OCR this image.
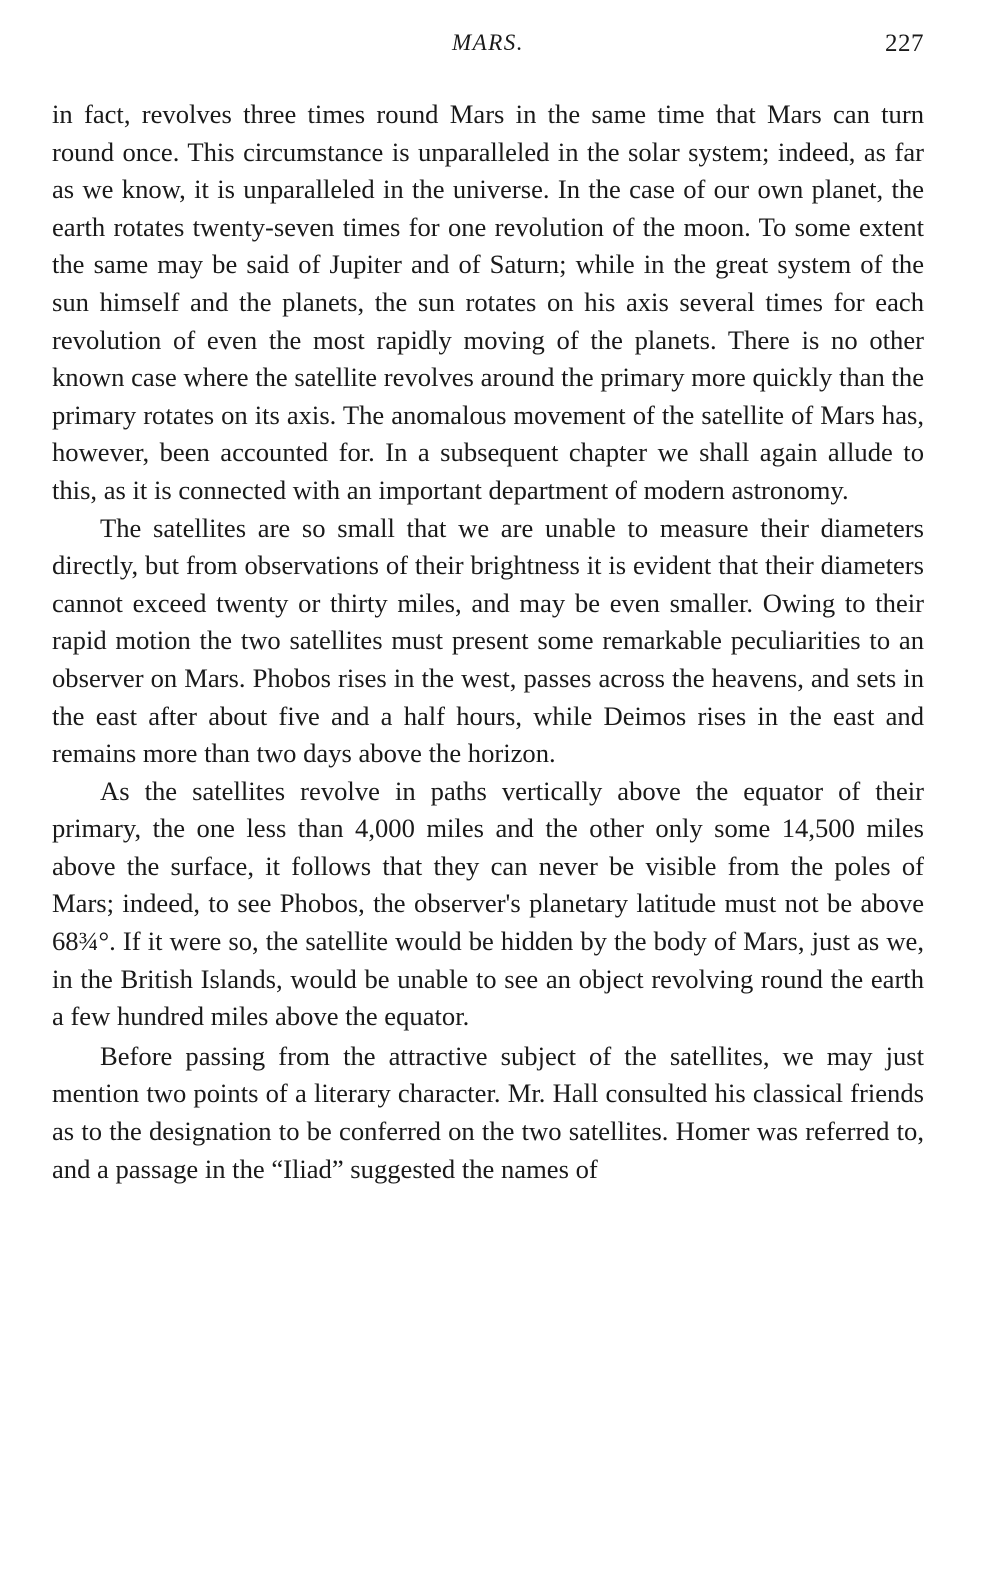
MARS.	227

in fact, revolves three times round Mars in the same time that Mars can turn round once. This circumstance is unparalleled in the solar system; indeed, as far as we know, it is unparalleled in the universe. In the case of our own planet, the earth rotates twenty-seven times for one revolution of the moon. To some extent the same may be said of Jupiter and of Saturn; while in the great system of the sun himself and the planets, the sun rotates on his axis several times for each revolution of even the most rapidly moving of the planets. There is no other known case where the satellite revolves around the primary more quickly than the primary rotates on its axis. The anomalous movement of the satellite of Mars has, however, been accounted for. In a subsequent chapter we shall again allude to this, as it is connected with an important department of modern astronomy.

The satellites are so small that we are unable to measure their diameters directly, but from observations of their brightness it is evident that their diameters cannot exceed twenty or thirty miles, and may be even smaller. Owing to their rapid motion the two satellites must present some remarkable peculiarities to an observer on Mars. Phobos rises in the west, passes across the heavens, and sets in the east after about five and a half hours, while Deimos rises in the east and remains more than two days above the horizon.

As the satellites revolve in paths vertically above the equator of their primary, the one less than 4,000 miles and the other only some 14,500 miles above the surface, it follows that they can never be visible from the poles of Mars; indeed, to see Phobos, the observer's planetary latitude must not be above 68¾°. If it were so, the satellite would be hidden by the body of Mars, just as we, in the British Islands, would be unable to see an object revolving round the earth a few hundred miles above the equator.

Before passing from the attractive subject of the satellites, we may just mention two points of a literary character. Mr. Hall consulted his classical friends as to the designation to be conferred on the two satellites. Homer was referred to, and a passage in the “Iliad” suggested the names of
